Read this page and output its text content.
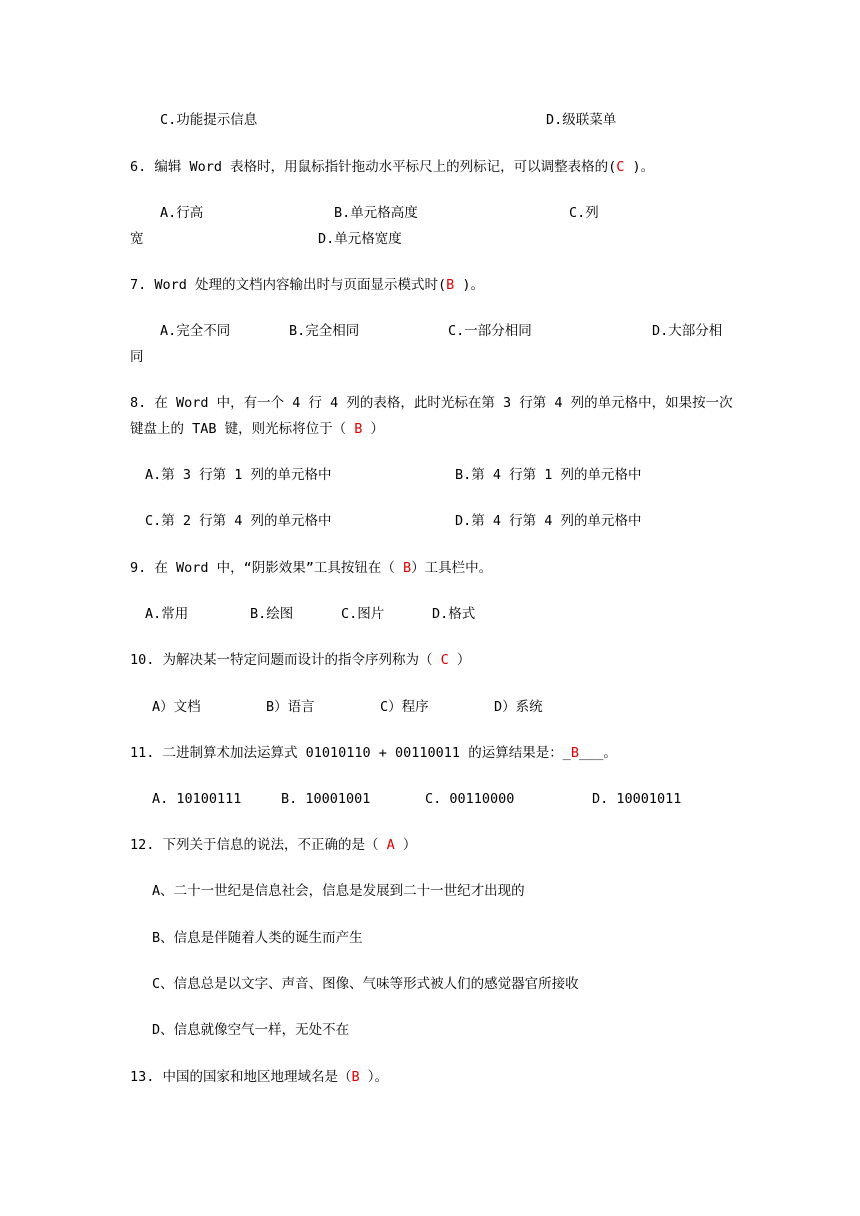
C.功能提示信息	D.级联菜单
6. 编辑 Word 表格时，用鼠标指针拖动水平标尺上的列标记，可以调整表格的(C )。
A.行高	B.单元格高度	C.列
宽	D.单元格宽度
7. Word 处理的文档内容输出时与页面显示模式时(B )。
A.完全不同	B.完全相同	C.一部分相同	D.大部分相
同
8. 在 Word 中，有一个 4 行 4 列的表格，此时光标在第 3 行第 4 列的单元格中，如果按一次
键盘上的 TAB 键，则光标将位于（ B ）
A.第 3 行第 1 列的单元格中	B.第 4 行第 1 列的单元格中
C.第 2 行第 4 列的单元格中	D.第 4 行第 4 列的单元格中
9. 在 Word 中，“阴影效果”工具按钮在（ B）工具栏中。
A.常用	B.绘图	C.图片	D.格式
10. 为解决某一特定问题而设计的指令序列称为（ C ）
A）文档	B）语言	C）程序	D）系统
11. 二进制算术加法运算式 01010110 + 00110011 的运算结果是：_B___。
A. 10100111	B. 10001001	C. 00110000	D. 10001011
12. 下列关于信息的说法，不正确的是（ A ）
A、二十一世纪是信息社会，信息是发展到二十一世纪才出现的
B、信息是伴随着人类的诞生而产生
C、信息总是以文字、声音、图像、气味等形式被人们的感觉器官所接收
D、信息就像空气一样，无处不在
13. 中国的国家和地区地理域名是（B ）。
